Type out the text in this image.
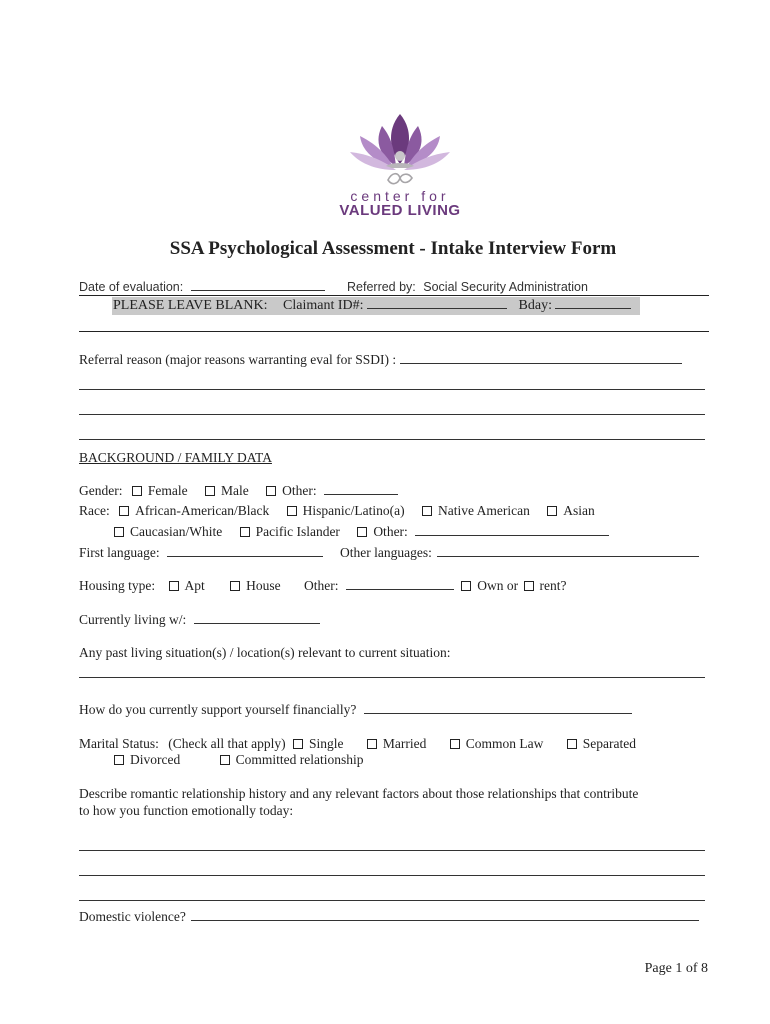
center for
VALUED LIVING
SSA Psychological Assessment - Intake Interview Form
Date of evaluation:	Referred by: Social Security Administration
PLEASE LEAVE BLANK: Claimant ID#:	Bday:
Referral reason (major reasons warranting eval for SSDI) :
BACKGROUND / FAMILY DATA
Gender: Female Male Other:
Race: African-American/Black Hispanic/Latino(a) Native American Asian
Caucasian/White Pacific Islander Other:
First language:	Other languages:
Housing type: Apt	House Other:	Own or rent?
Currently living w/:
Any past living situation(s) / location(s) relevant to current situation:
How do you currently support yourself financially?
Marital Status: (Check all that apply) Single	Married	Common Law	Separated
Divorced	Committed relationship
Describe romantic relationship history and any relevant factors about those relationships that contribute
to how you function emotionally today:
Domestic violence?
Page 1 of 8
